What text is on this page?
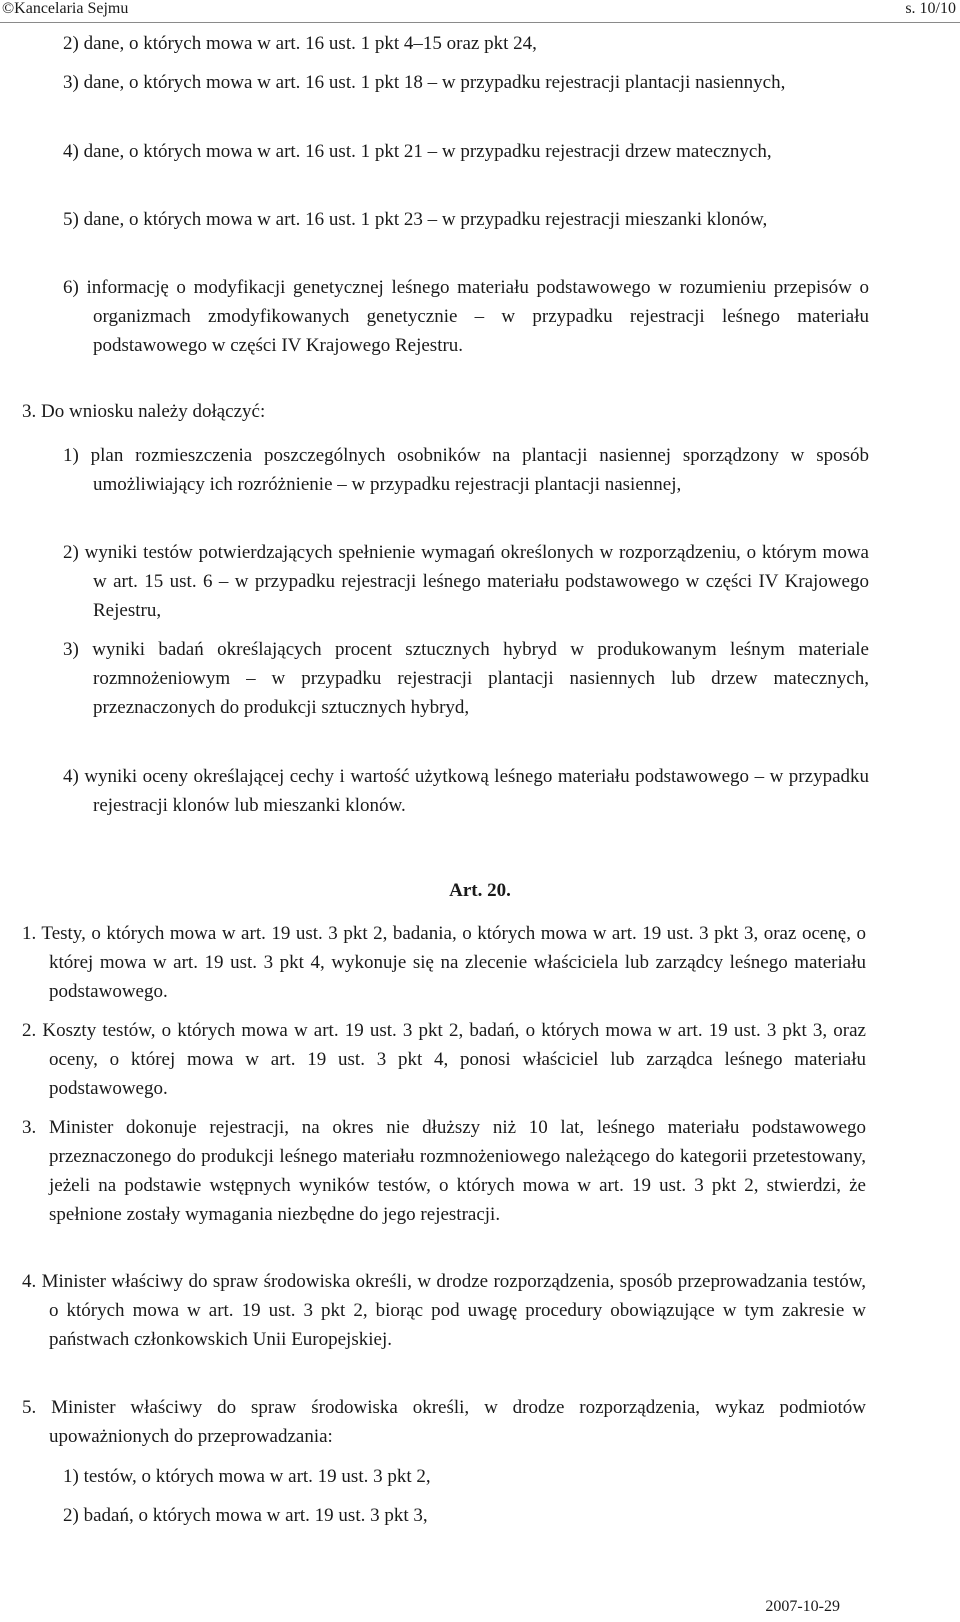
©Kancelaria Sejmu	s. 10/10

2) dane, o których mowa w art. 16 ust. 1 pkt 4–15 oraz pkt 24,

3) dane, o których mowa w art. 16 ust. 1 pkt 18 – w przypadku rejestracji plantacji nasiennych,

4) dane, o których mowa w art. 16 ust. 1 pkt 21 – w przypadku rejestracji drzew matecznych,

5) dane, o których mowa w art. 16 ust. 1 pkt 23 – w przypadku rejestracji mieszanki klonów,

6) informację o modyfikacji genetycznej leśnego materiału podstawowego w rozumieniu przepisów o organizmach zmodyfikowanych genetycznie – w przypadku rejestracji leśnego materiału podstawowego w części IV Krajowego Rejestru.

3. Do wniosku należy dołączyć:

1) plan rozmieszczenia poszczególnych osobników na plantacji nasiennej sporządzony w sposób umożliwiający ich rozróżnienie – w przypadku rejestracji plantacji nasiennej,

2) wyniki testów potwierdzających spełnienie wymagań określonych w rozporządzeniu, o którym mowa w art. 15 ust. 6 – w przypadku rejestracji leśnego materiału podstawowego w części IV Krajowego Rejestru,

3) wyniki badań określających procent sztucznych hybryd w produkowanym leśnym materiale rozmnożeniowym – w przypadku rejestracji plantacji nasiennych lub drzew matecznych, przeznaczonych do produkcji sztucznych hybryd,

4) wyniki oceny określającej cechy i wartość użytkową leśnego materiału podstawowego – w przypadku rejestracji klonów lub mieszanki klonów.

Art. 20.

1. Testy, o których mowa w art. 19 ust. 3 pkt 2, badania, o których mowa w art. 19 ust. 3 pkt 3, oraz ocenę, o której mowa w art. 19 ust. 3 pkt 4, wykonuje się na zlecenie właściciela lub zarządcy leśnego materiału podstawowego.

2. Koszty testów, o których mowa w art. 19 ust. 3 pkt 2, badań, o których mowa w art. 19 ust. 3 pkt 3, oraz oceny, o której mowa w art. 19 ust. 3 pkt 4, ponosi właściciel lub zarządca leśnego materiału podstawowego.

3. Minister dokonuje rejestracji, na okres nie dłuższy niż 10 lat, leśnego materiału podstawowego przeznaczonego do produkcji leśnego materiału rozmnożeniowego należącego do kategorii przetestowany, jeżeli na podstawie wstępnych wyników testów, o których mowa w art. 19 ust. 3 pkt 2, stwierdzi, że spełnione zostały wymagania niezbędne do jego rejestracji.

4. Minister właściwy do spraw środowiska określi, w drodze rozporządzenia, sposób przeprowadzania testów, o których mowa w art. 19 ust. 3 pkt 2, biorąc pod uwagę procedury obowiązujące w tym zakresie w państwach członkowskich Unii Europejskiej.

5. Minister właściwy do spraw środowiska określi, w drodze rozporządzenia, wykaz podmiotów upoważnionych do przeprowadzania:

1) testów, o których mowa w art. 19 ust. 3 pkt 2,

2) badań, o których mowa w art. 19 ust. 3 pkt 3,

2007-10-29
